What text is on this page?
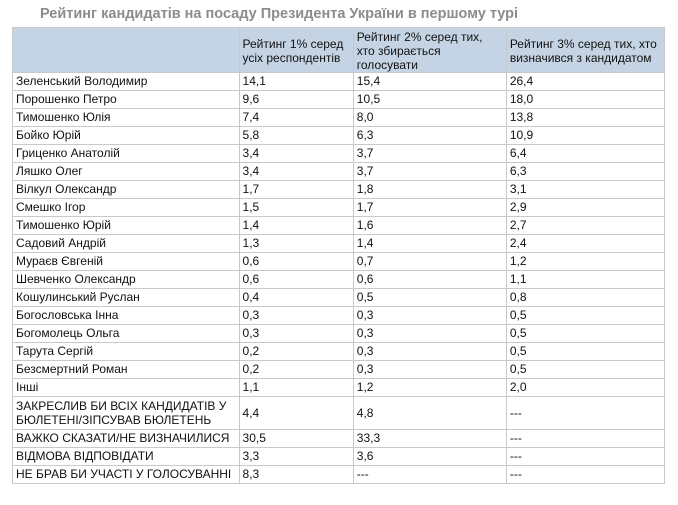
Рейтинг кандидатів на посаду Президента України в першому турі
	Рейтинг 1% серед усіх респондентів	Рейтинг 2% серед тих, хто збирається голосувати	Рейтинг 3% серед тих, хто визначився з кандидатом
Зеленський Володимир	14,1	15,4	26,4
Порошенко Петро	9,6	10,5	18,0
Тимошенко Юлія	7,4	8,0	13,8
Бойко Юрій	5,8	6,3	10,9
Гриценко Анатолій	3,4	3,7	6,4
Ляшко Олег	3,4	3,7	6,3
Вілкул Олександр	1,7	1,8	3,1
Смешко Ігор	1,5	1,7	2,9
Тимошенко Юрій	1,4	1,6	2,7
Садовий Андрій	1,3	1,4	2,4
Мураєв Євгеній	0,6	0,7	1,2
Шевченко Олександр	0,6	0,6	1,1
Кошулинський Руслан	0,4	0,5	0,8
Богословська Інна	0,3	0,3	0,5
Богомолець Ольга	0,3	0,3	0,5
Тарута Сергій	0,2	0,3	0,5
Безсмертний Роман	0,2	0,3	0,5
Інші	1,1	1,2	2,0
ЗАКРЕСЛИВ БИ ВСІХ КАНДИДАТІВ У БЮЛЕТЕНІ/ЗІПСУВАВ БЮЛЕТЕНЬ	4,4	4,8	---
ВАЖКО СКАЗАТИ/НЕ ВИЗНАЧИЛИСЯ	30,5	33,3	---
ВІДМОВА ВІДПОВІДАТИ	3,3	3,6	---
НЕ БРАВ БИ УЧАСТІ У ГОЛОСУВАННІ	8,3	---	---
